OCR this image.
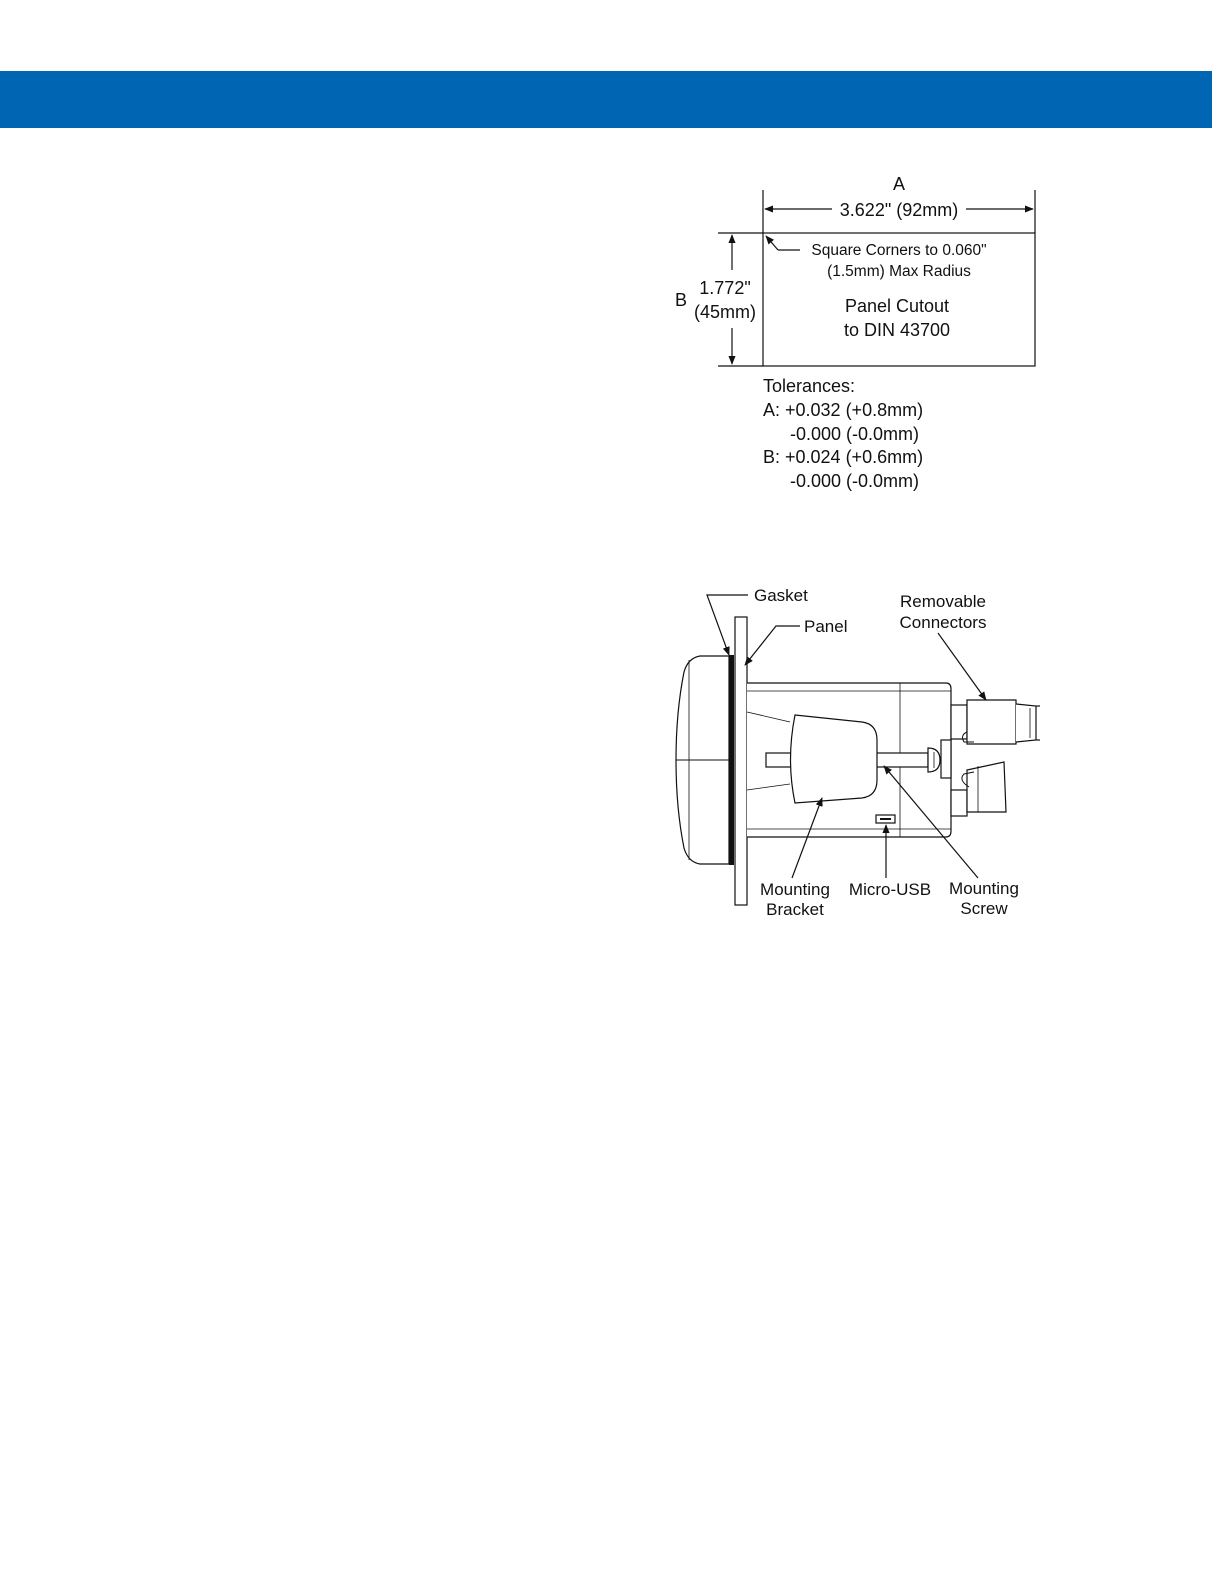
A
3.622" (92mm)
B
1.772"
(45mm)
Square Corners to 0.060"
(1.5mm) Max Radius
Panel Cutout
to DIN 43700
Tolerances:
A: +0.032 (+0.8mm)
-0.000 (-0.0mm)
B: +0.024 (+0.6mm)
-0.000 (-0.0mm)
Gasket
Panel
Removable
Connectors
Mounting
Bracket
Micro-USB Mounting
Screw
